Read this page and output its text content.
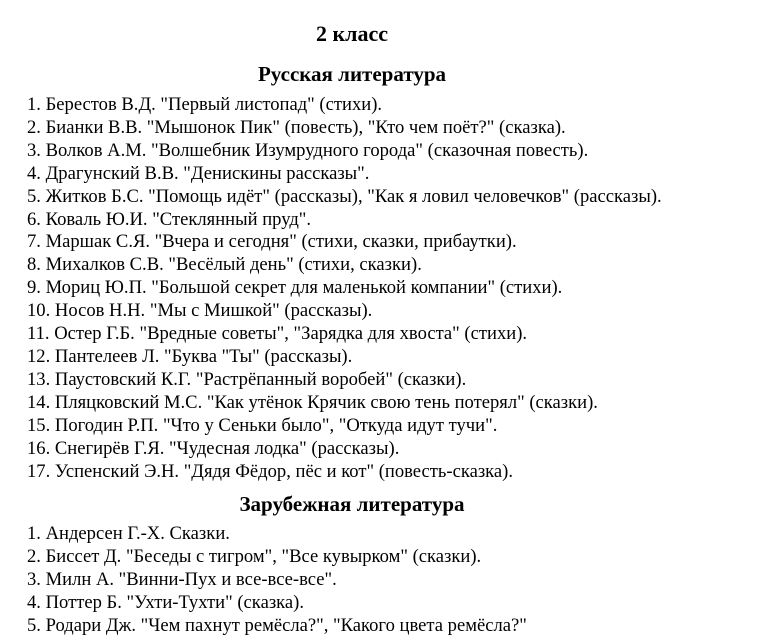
2 класс
Русская литература
1. Берестов В.Д. "Первый листопад" (стихи).
2. Бианки В.В. "Мышонок Пик" (повесть), "Кто чем поёт?" (сказка).
3. Волков А.М. "Волшебник Изумрудного города" (сказочная повесть).
4. Драгунский В.В. "Денискины рассказы".
5. Житков Б.С. "Помощь идёт" (рассказы), "Как я ловил человечков" (рассказы).
6. Коваль Ю.И. "Стеклянный пруд".
7. Маршак С.Я. "Вчера и сегодня" (стихи, сказки, прибаутки).
8. Михалков С.В. "Весёлый день" (стихи, сказки).
9. Мориц Ю.П. "Большой секрет для маленькой компании" (стихи).
10. Носов Н.Н. "Мы с Мишкой" (рассказы).
11. Остер Г.Б. "Вредные советы", "Зарядка для хвоста" (стихи).
12. Пантелеев Л. "Буква "Ты" (рассказы).
13. Паустовский К.Г. "Растрёпанный воробей" (сказки).
14. Пляцковский М.С. "Как утёнок Крячик свою тень потерял" (сказки).
15. Погодин Р.П. "Что у Сеньки было", "Откуда идут тучи".
16. Снегирёв Г.Я. "Чудесная лодка" (рассказы).
17. Успенский Э.Н. "Дядя Фёдор, пёс и кот" (повесть-сказка).
Зарубежная литература
1. Андерсен Г.-Х. Сказки.
2. Биссет Д. "Беседы с тигром", "Все кувырком" (сказки).
3. Милн А. "Винни-Пух и все-все-все".
4. Поттер Б. "Ухти-Тухти" (сказка).
5. Родари Дж. "Чем пахнут ремёсла?", "Какого цвета ремёсла?"
